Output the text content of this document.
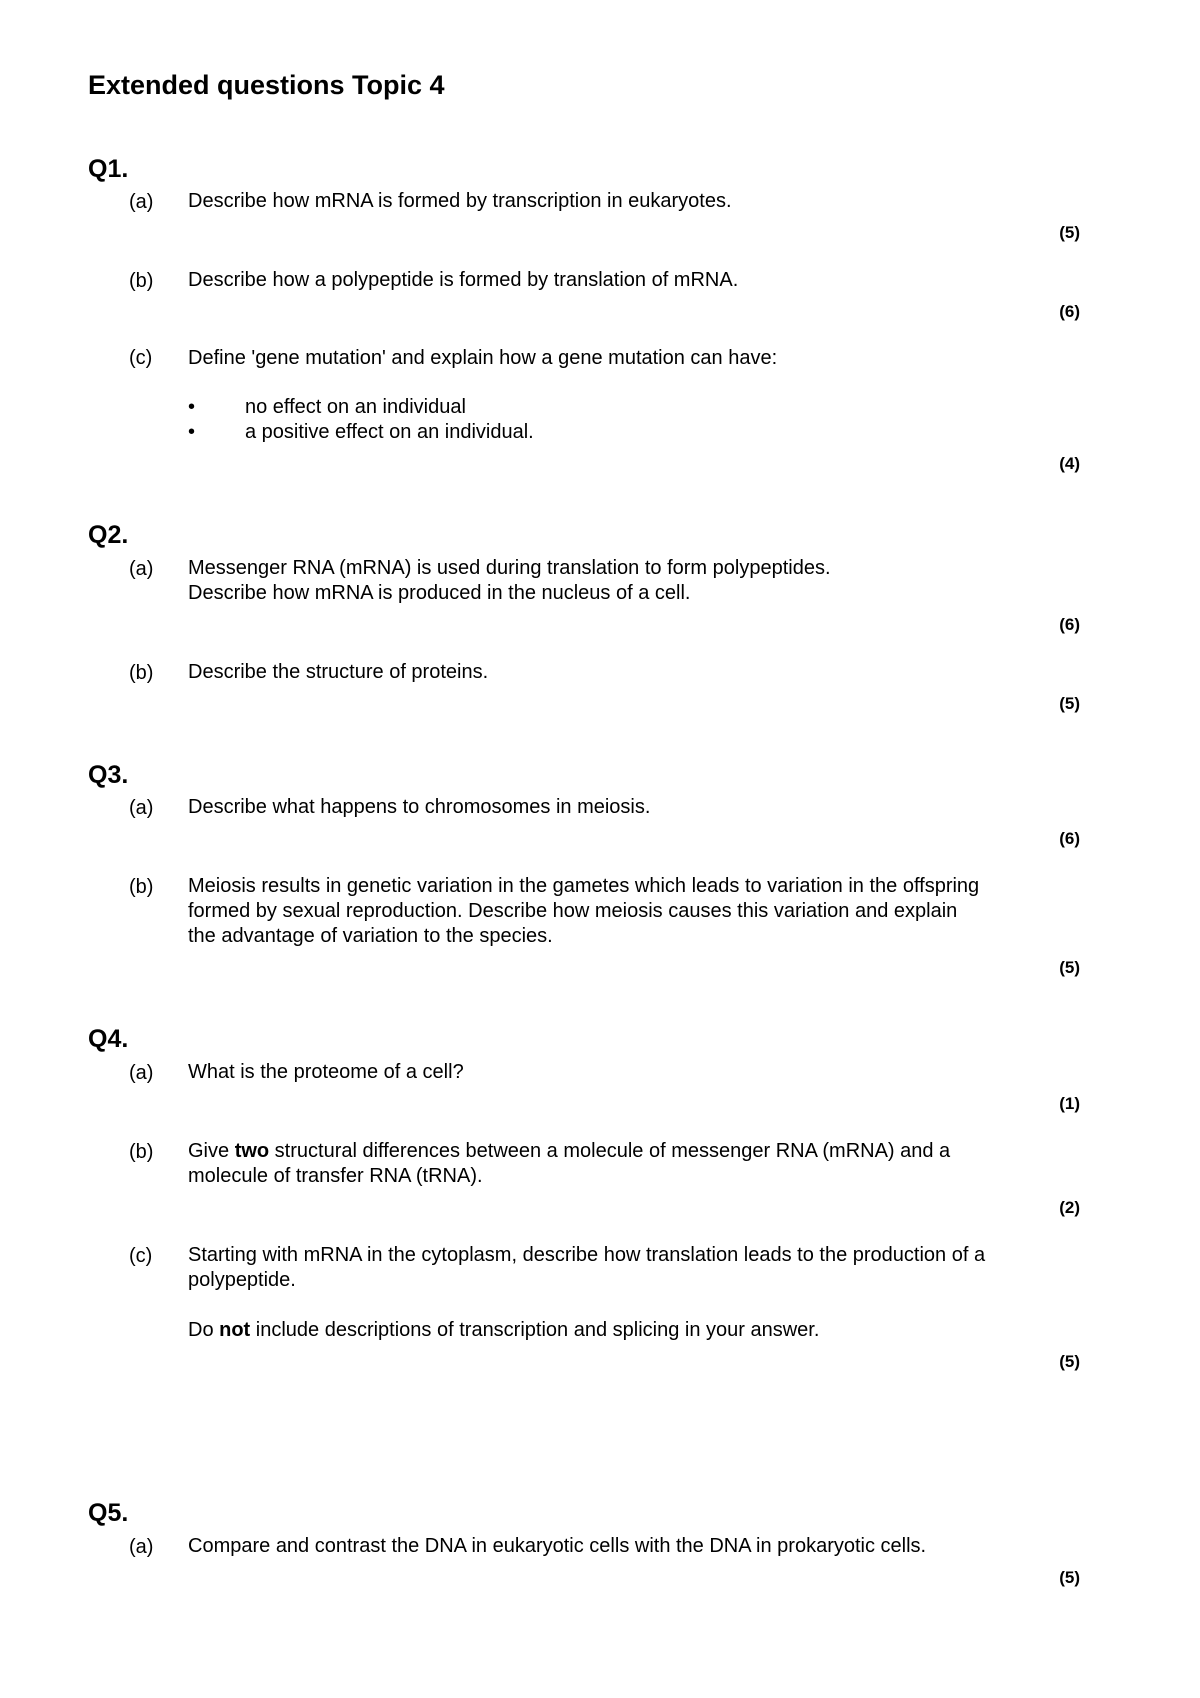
Extended questions Topic 4
Q1.
(a) Describe how mRNA is formed by transcription in eukaryotes.
(5)
(b) Describe how a polypeptide is formed by translation of mRNA.
(6)
(c) Define 'gene mutation' and explain how a gene mutation can have:
• no effect on an individual
• a positive effect on an individual.
(4)
Q2.
(a) Messenger RNA (mRNA) is used during translation to form polypeptides.
Describe how mRNA is produced in the nucleus of a cell.
(6)
(b) Describe the structure of proteins.
(5)
Q3.
(a) Describe what happens to chromosomes in meiosis.
(6)
(b) Meiosis results in genetic variation in the gametes which leads to variation in the offspring
formed by sexual reproduction. Describe how meiosis causes this variation and explain
the advantage of variation to the species.
(5)
Q4.
(a) What is the proteome of a cell?
(1)
(b) Give two structural differences between a molecule of messenger RNA (mRNA) and a
molecule of transfer RNA (tRNA).
(2)
(c) Starting with mRNA in the cytoplasm, describe how translation leads to the production of a
polypeptide.
Do not include descriptions of transcription and splicing in your answer.
(5)
Q5.
(a) Compare and contrast the DNA in eukaryotic cells with the DNA in prokaryotic cells.
(5)
